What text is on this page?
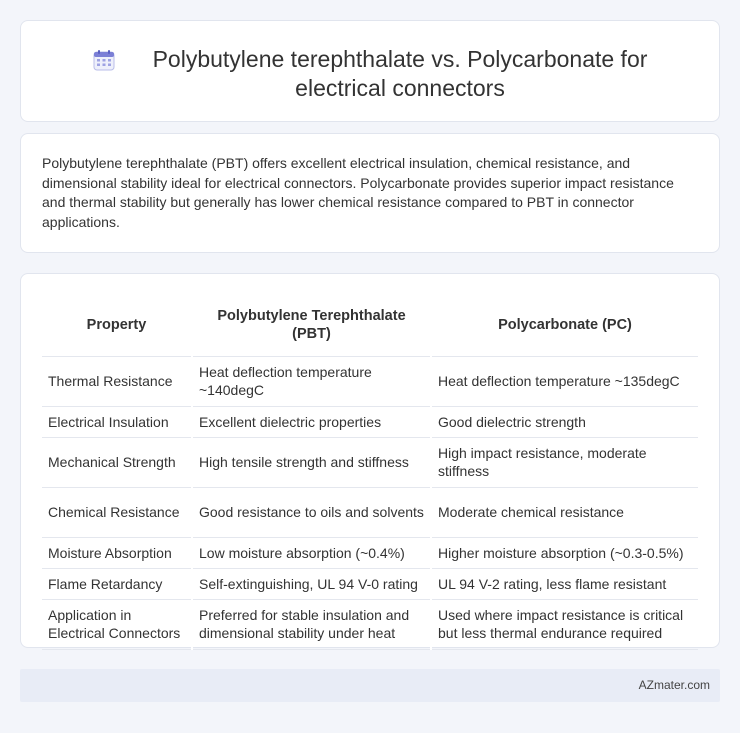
Polybutylene terephthalate vs. Polycarbonate for electrical connectors

Polybutylene terephthalate (PBT) offers excellent electrical insulation, chemical resistance, and dimensional stability ideal for electrical connectors. Polycarbonate provides superior impact resistance and thermal stability but generally has lower chemical resistance compared to PBT in connector applications.

Property	Polybutylene Terephthalate (PBT)	Polycarbonate (PC)
Thermal Resistance	Heat deflection temperature ~140degC	Heat deflection temperature ~135degC
Electrical Insulation	Excellent dielectric properties	Good dielectric strength
Mechanical Strength	High tensile strength and stiffness	High impact resistance, moderate stiffness
Chemical Resistance	Good resistance to oils and solvents	Moderate chemical resistance
Moisture Absorption	Low moisture absorption (~0.4%)	Higher moisture absorption (~0.3-0.5%)
Flame Retardancy	Self-extinguishing, UL 94 V-0 rating	UL 94 V-2 rating, less flame resistant
Application in Electrical Connectors	Preferred for stable insulation and dimensional stability under heat	Used where impact resistance is critical but less thermal endurance required
AZmater.com
